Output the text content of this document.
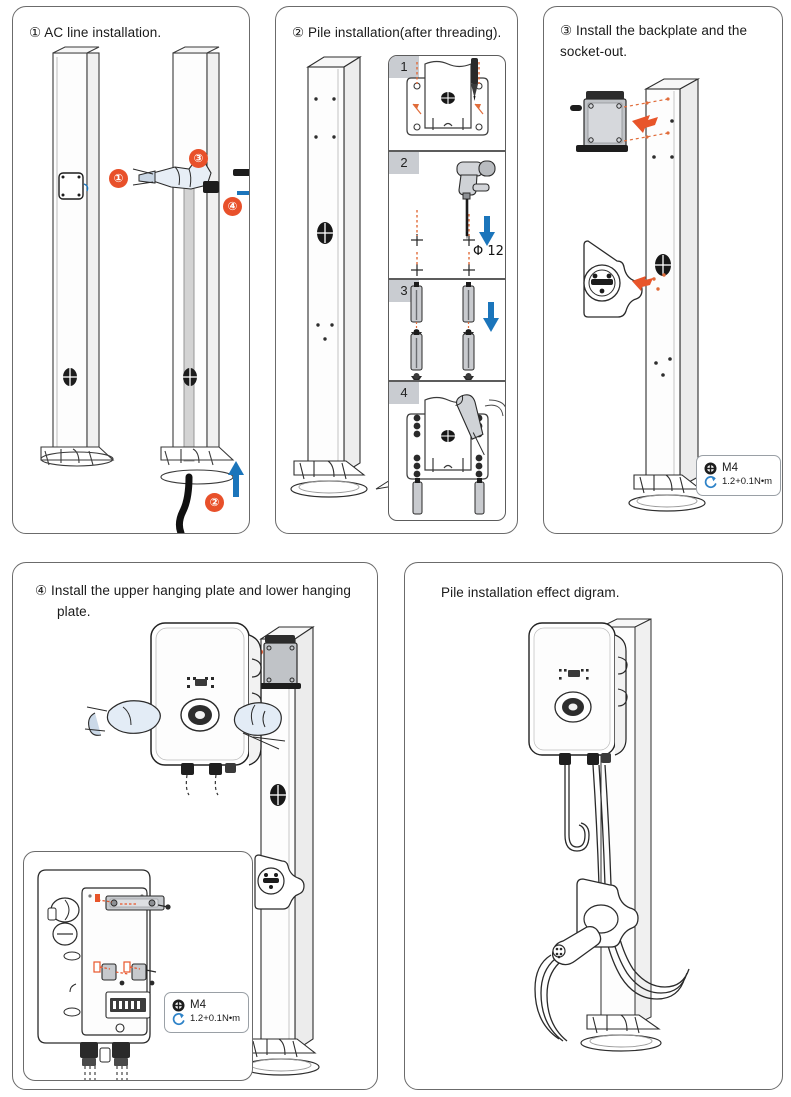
① AC line installation.
①
③
④
②
② Pile installation(after threading).
1
2
Φ 12
3
4
③ Install the backplate and the
socket-out.
M4
1.2+0.1N•m
④ Install the upper hanging plate and lower hanging
plate.
M4
1.2+0.1N•m
Pile installation effect digram.
